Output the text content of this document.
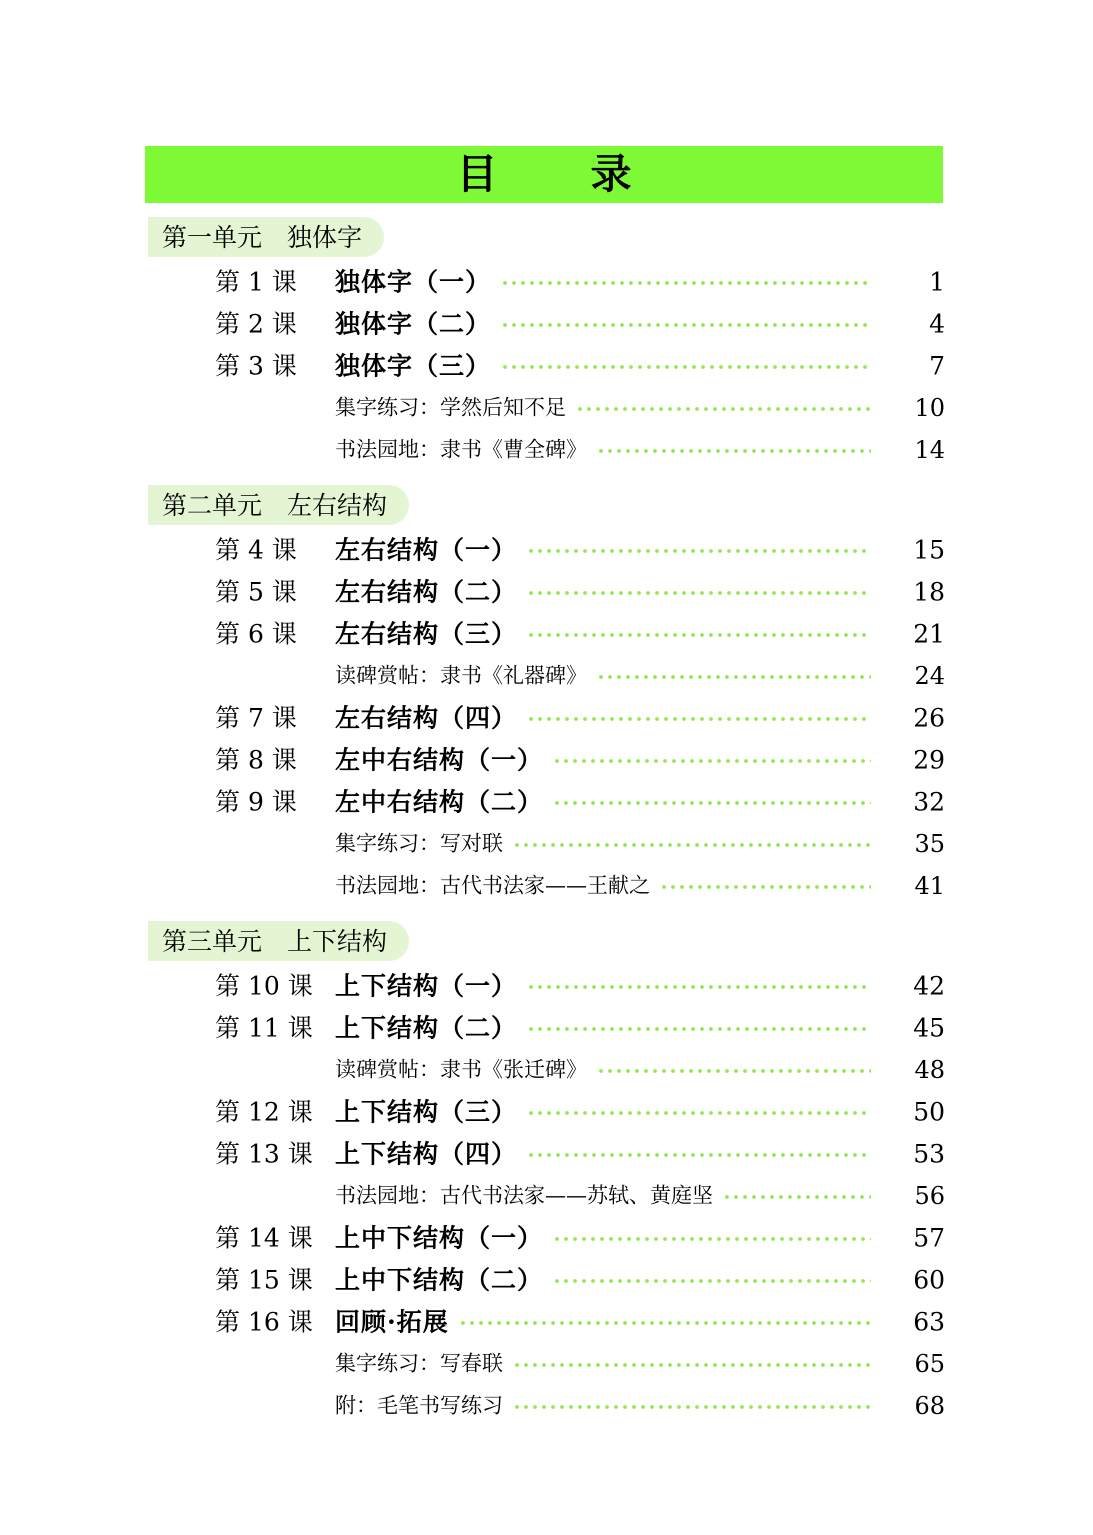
目　录
第一单元　独体字
第 1 课 独体字（一）	1
第 2 课 独体字（二）	4
第 3 课 独体字（三）	7
集字练习：学然后知不足	10
书法园地：隶书《曹全碑》	14
第二单元　左右结构
第 4 课 左右结构（一）	15
第 5 课 左右结构（二）	18
第 6 课 左右结构（三）	21
读碑赏帖：隶书《礼器碑》	24
第 7 课 左右结构（四）	26
第 8 课 左中右结构（一）	29
第 9 课 左中右结构（二）	32
集字练习：写对联	35
书法园地：古代书法家——王献之	41
第三单元　上下结构
第 10 课 上下结构（一）	42
第 11 课 上下结构（二）	45
读碑赏帖：隶书《张迁碑》	48
第 12 课 上下结构（三）	50
第 13 课 上下结构（四）	53
书法园地：古代书法家——苏轼、黄庭坚	56
第 14 课 上中下结构（一）	57
第 15 课 上中下结构（二）	60
第 16 课 回顾·拓展	63
集字练习：写春联	65
附：毛笔书写练习	68
